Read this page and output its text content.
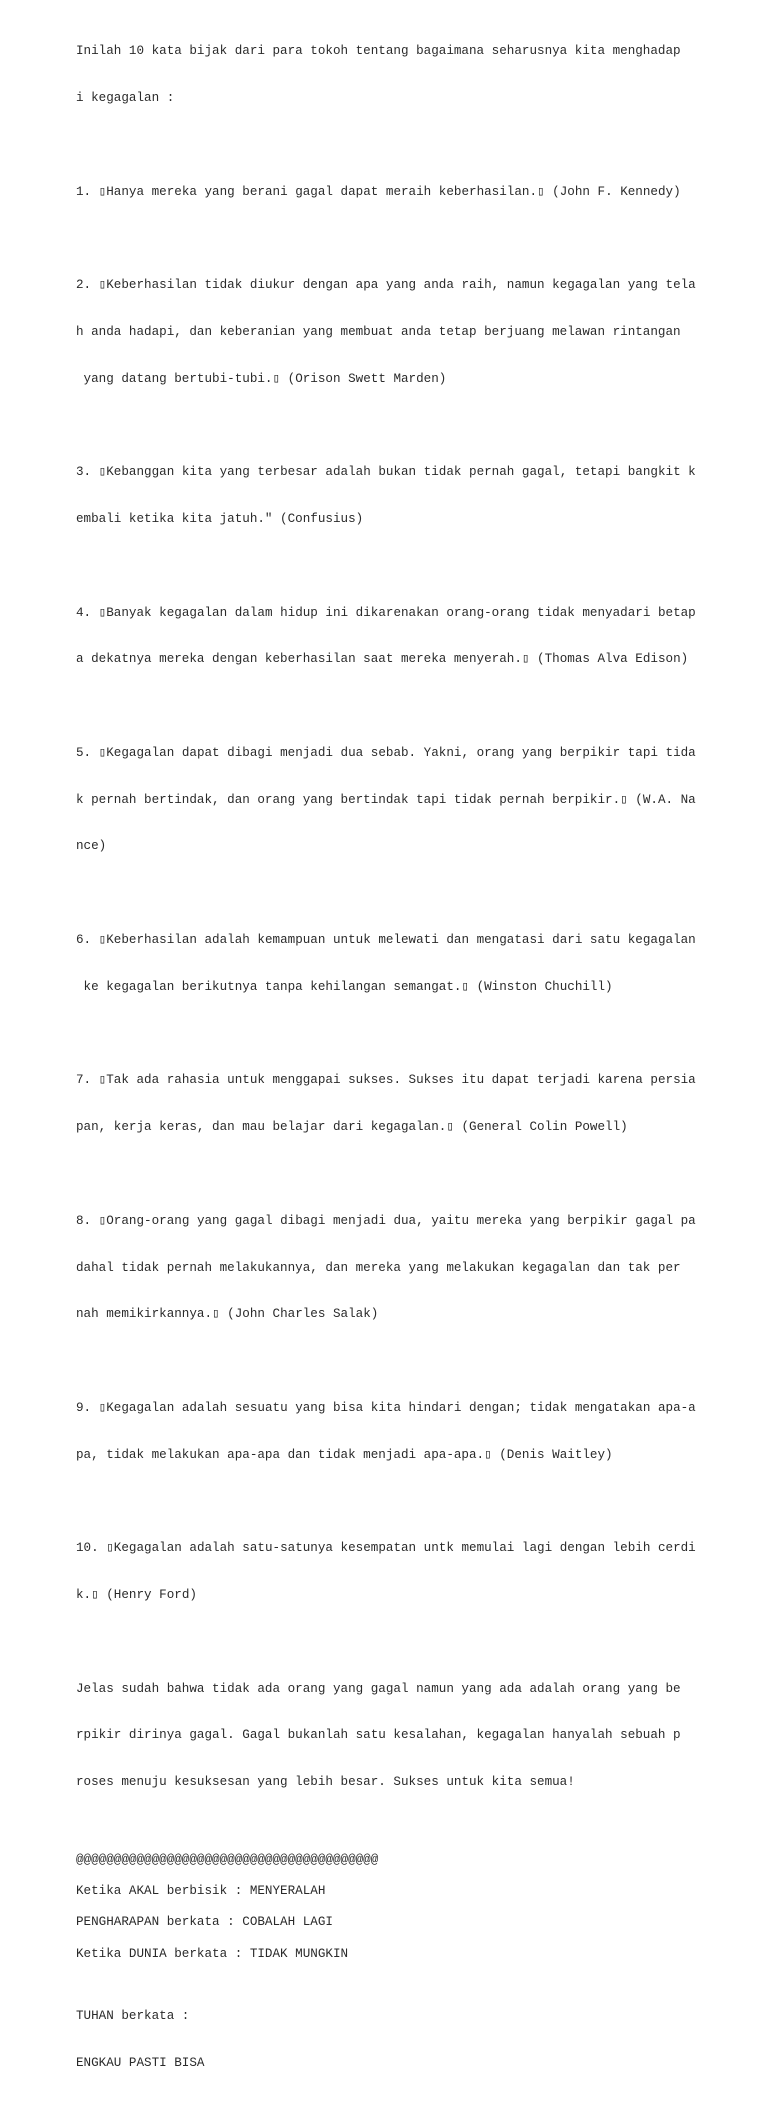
Inilah 10 kata bijak dari para tokoh tentang bagaimana seharusnya kita menghadap

i kegagalan :

1. ▯Hanya mereka yang berani gagal dapat meraih keberhasilan.▯ (John F. Kennedy)

2. ▯Keberhasilan tidak diukur dengan apa yang anda raih, namun kegagalan yang tela

h anda hadapi, dan keberanian yang membuat anda tetap berjuang melawan rintangan

yang datang bertubi-tubi.▯ (Orison Swett Marden)

3. ▯Kebanggan kita yang terbesar adalah bukan tidak pernah gagal, tetapi bangkit k

embali ketika kita jatuh." (Confusius)

4. ▯Banyak kegagalan dalam hidup ini dikarenakan orang-orang tidak menyadari betap

a dekatnya mereka dengan keberhasilan saat mereka menyerah.▯ (Thomas Alva Edison)

5. ▯Kegagalan dapat dibagi menjadi dua sebab. Yakni, orang yang berpikir tapi tida

k pernah bertindak, dan orang yang bertindak tapi tidak pernah berpikir.▯ (W.A. Na

nce)

6. ▯Keberhasilan adalah kemampuan untuk melewati dan mengatasi dari satu kegagalan

ke kegagalan berikutnya tanpa kehilangan semangat.▯ (Winston Chuchill)

7. ▯Tak ada rahasia untuk menggapai sukses. Sukses itu dapat terjadi karena persia

pan, kerja keras, dan mau belajar dari kegagalan.▯ (General Colin Powell)

8. ▯Orang-orang yang gagal dibagi menjadi dua, yaitu mereka yang berpikir gagal pa

dahal tidak pernah melakukannya, dan mereka yang melakukan kegagalan dan tak per

nah memikirkannya.▯ (John Charles Salak)

9. ▯Kegagalan adalah sesuatu yang bisa kita hindari dengan; tidak mengatakan apa-a

pa, tidak melakukan apa-apa dan tidak menjadi apa-apa.▯ (Denis Waitley)

10. ▯Kegagalan adalah satu-satunya kesempatan untk memulai lagi dengan lebih cerdi

k.▯ (Henry Ford)

Jelas sudah bahwa tidak ada orang yang gagal namun yang ada adalah orang yang be

rpikir dirinya gagal. Gagal bukanlah satu kesalahan, kegagalan hanyalah sebuah p

roses menuju kesuksesan yang lebih besar. Sukses untuk kita semua!

@@@@@@@@@@@@@@@@@@@@@@@@@@@@@@@@@@@@@@@@
Ketika AKAL berbisik : MENYERALAH
PENGHARAPAN berkata : COBALAH LAGI
Ketika DUNIA berkata : TIDAK MUNGKIN

TUHAN berkata :

ENGKAU PASTI BISA
